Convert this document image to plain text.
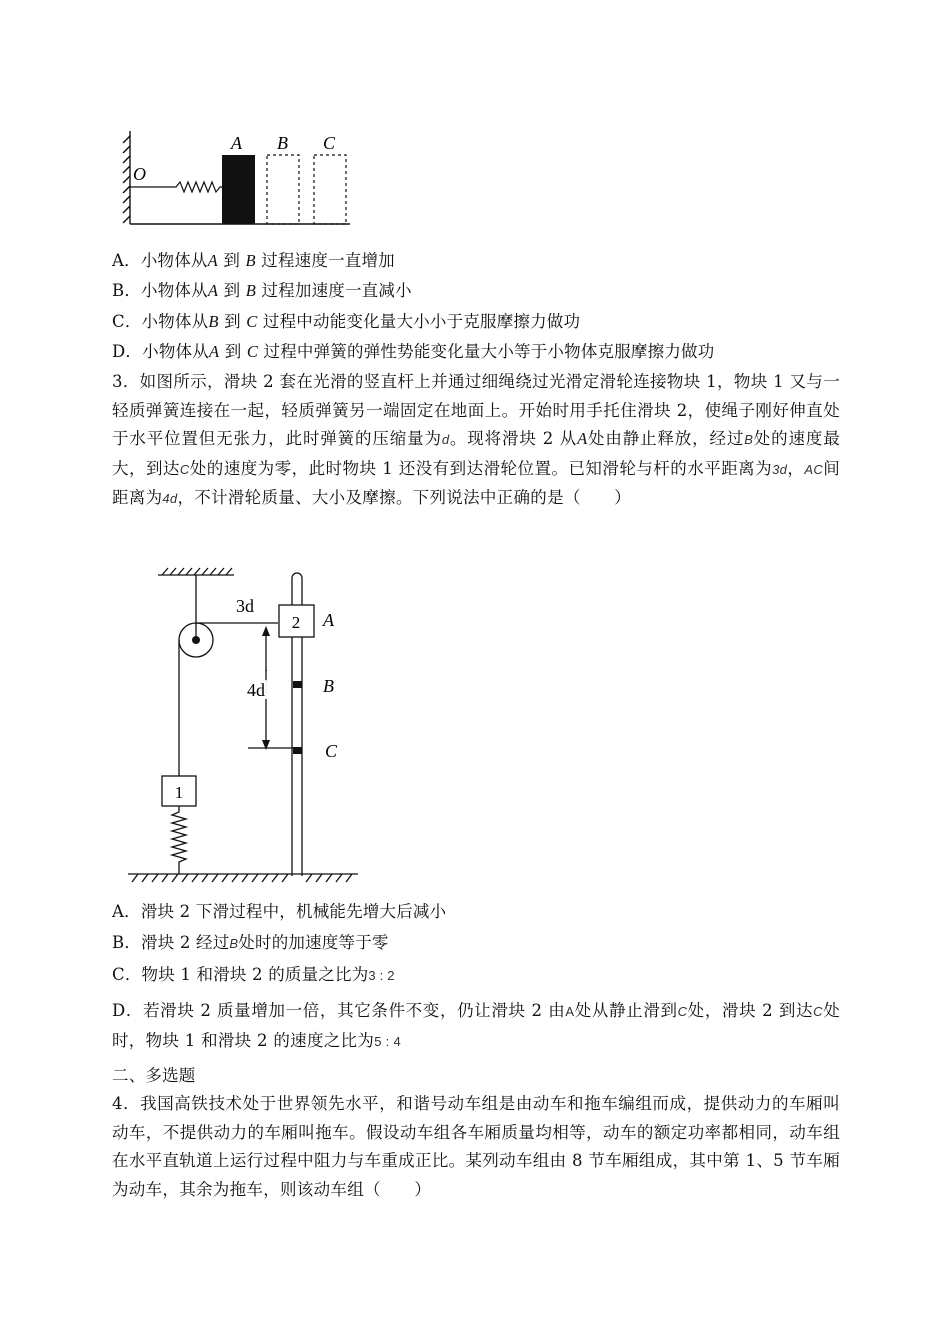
O
A B C
A．小物体从A 到 B 过程速度一直增加
B．小物体从A 到 B 过程加速度一直减小
C．小物体从B 到 C 过程中动能变化量大小小于克服摩擦力做功
D．小物体从A 到 C 过程中弹簧的弹性势能变化量大小等于小物体克服摩擦力做功
3．如图所示，滑块 2 套在光滑的竖直杆上并通过细绳绕过光滑定滑轮连接物块 1，物块 1 又与一轻质弹簧连接在一起，轻质弹簧另一端固定在地面上。开始时用手托住滑块 2，使绳子刚好伸直处于水平位置但无张力，此时弹簧的压缩量为d。现将滑块 2 从A处由静止释放，经过B处的速度最大，到达C处的速度为零，此时物块 1 还没有到达滑轮位置。已知滑轮与杆的水平距离为3d，AC间距离为4d，不计滑轮质量、大小及摩擦。下列说法中正确的是（　　）
3d
4d
2
1
A
B
C
A．滑块 2 下滑过程中，机械能先增大后减小
B．滑块 2 经过B处时的加速度等于零
C．物块 1 和滑块 2 的质量之比为3 : 2
D．若滑块 2 质量增加一倍，其它条件不变，仍让滑块 2 由A处从静止滑到C处，滑块 2 到达C处时，物块 1 和滑块 2 的速度之比为5 : 4
二、多选题
4．我国高铁技术处于世界领先水平，和谐号动车组是由动车和拖车编组而成，提供动力的车厢叫动车，不提供动力的车厢叫拖车。假设动车组各车厢质量均相等，动车的额定功率都相同，动车组在水平直轨道上运行过程中阻力与车重成正比。某列动车组由 8 节车厢组成，其中第 1、5 节车厢为动车，其余为拖车，则该动车组（　　）
